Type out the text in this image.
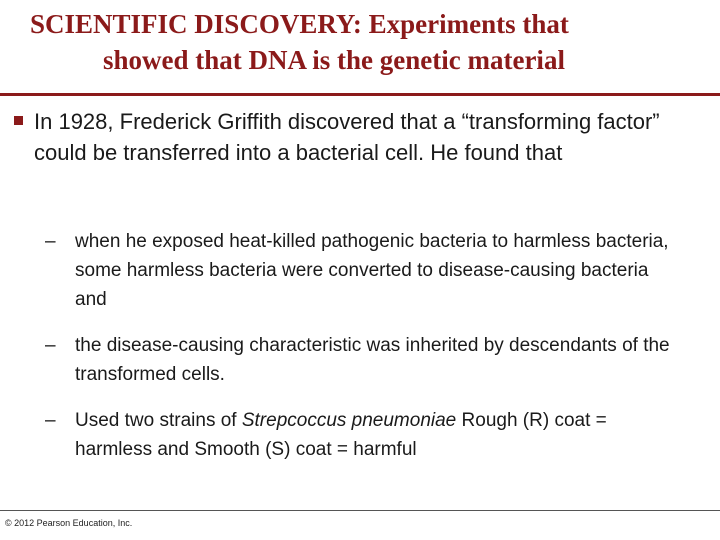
SCIENTIFIC DISCOVERY: Experiments that
showed that DNA is the genetic material
In 1928, Frederick Griffith discovered that a “transforming factor” could be transferred into a bacterial cell. He found that
– when he exposed heat-killed pathogenic bacteria to harmless bacteria, some harmless bacteria were converted to disease-causing bacteria and
– the disease-causing characteristic was inherited by descendants of the transformed cells.
– Used two strains of Strepcoccus pneumoniae Rough (R) coat = harmless and Smooth (S) coat = harmful
© 2012 Pearson Education, Inc.
